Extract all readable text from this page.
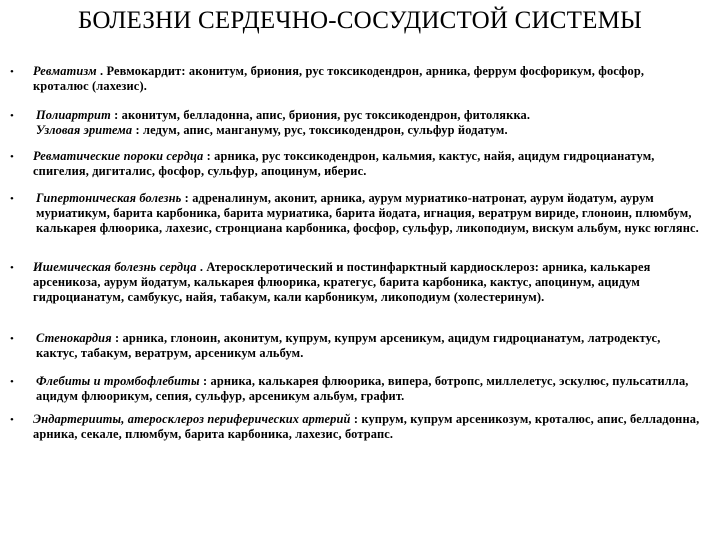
БОЛЕЗНИ СЕРДЕЧНО-СОСУДИСТОЙ СИСТЕМЫ
• Ревматизм . Ревмокардит: аконитум, бриония, рус токсикодендрон, арника, феррум фосфорикум, фосфор, кроталюс (лахезис).
• Полиартрит : аконитум, белладонна, апис, бриония, рус токсикодендрон, фитолякка.
Узловая эритема : ледум, апис, мангануму, рус, токсикодендрон, сульфур йодатум.
• Ревматические пороки сердца : арника, рус токсикодендрон, кальмия, кактус, найя, ацидум гидроцианатум, спигелия, дигиталис, фосфор, сульфур, апоцинум, иберис.
• Гипертоническая болезнь : адреналинум, аконит, арника, аурум муриатико-натронат, аурум йодатум, аурум муриатикум, барита карбоника, барита муриатика, барита йодата, игнация, вератрум вириде, глоноин, плюмбум, калькарея флюорика, лахезис, стронциана карбоника, фосфор, сульфур, ликоподиум, вискум альбум, нукс юглянс.
• Ишемическая болезнь сердца . Атеросклеротический и постинфарктный кардиосклероз: арника, калькарея арсеникоза, аурум йодатум, калькарея флюорика, кратегус, барита карбоника, кактус, апоцинум, ацидум гидроцианатум, самбукус, найя, табакум, кали карбоникум, ликоподиум (холестеринум).
• Стенокардия : арника, глоноин, аконитум, купрум, купрум арсеникум, ацидум гидроцианатум, латродектус, кактус, табакум, вератрум, арсеникум альбум.
• Флебиты и тромбофлебиты : арника, калькарея флюорика, випера, ботропс, миллелетус, эскулюс, пульсатилла, ацидум флюорикум, сепия, сульфур, арсеникум альбум, графит.
• Эндартерииты, атеросклероз периферических артерий : купрум, купрум арсеникозум, кроталюс, апис, белладонна, арника, секале, плюмбум, барита карбоника, лахезис, ботрапс.
